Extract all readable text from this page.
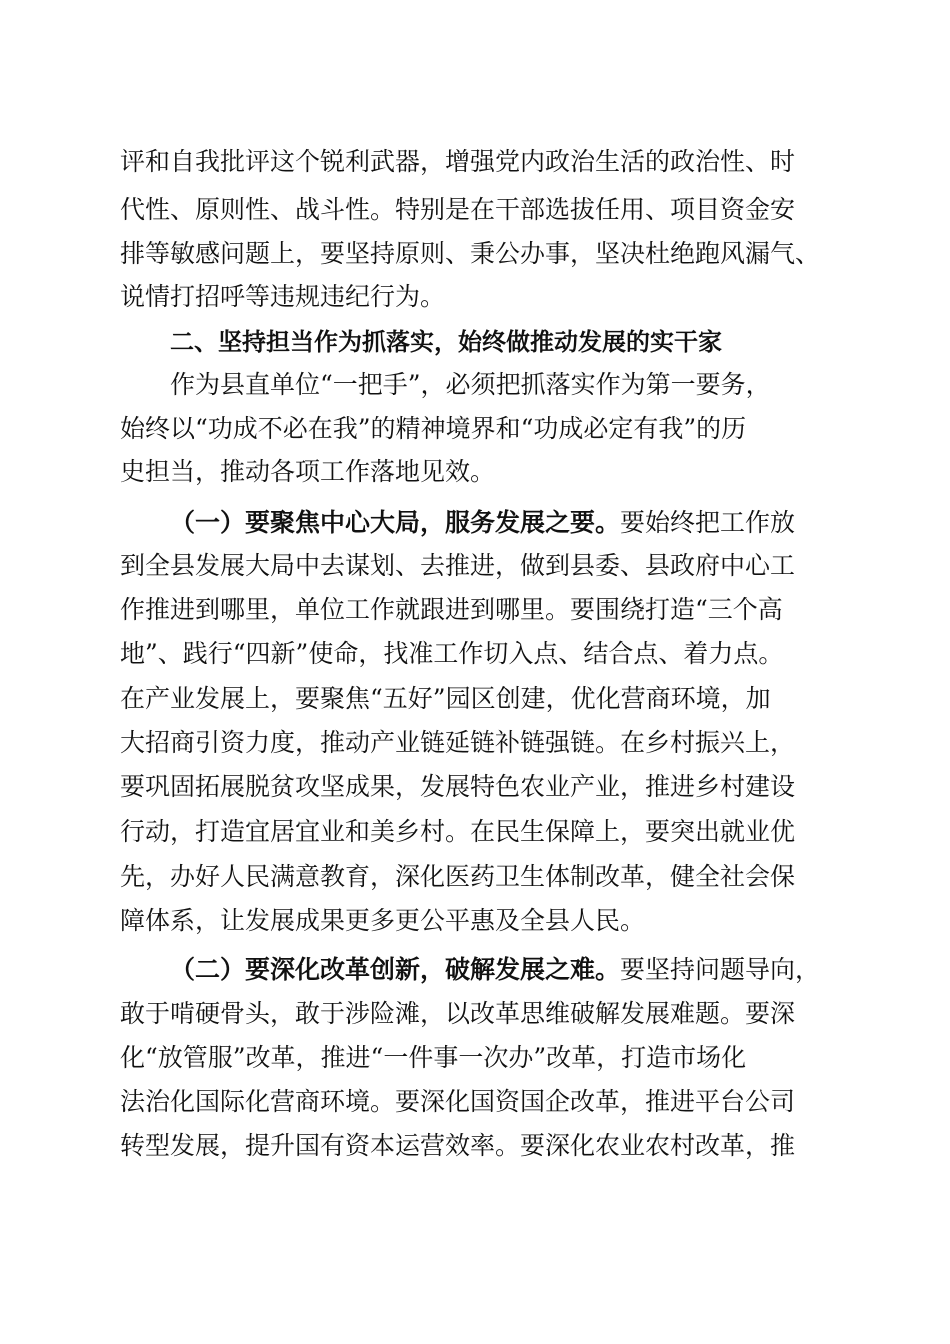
评和自我批评这个锐利武器，增强党内政治生活的政治性、时
代性、原则性、战斗性。特别是在干部选拔任用、项目资金安
排等敏感问题上，要坚持原则、秉公办事，坚决杜绝跑风漏气、
说情打招呼等违规违纪行为。
二、坚持担当作为抓落实，始终做推动发展的实干家
作为县直单位“一把手”，必须把抓落实作为第一要务，
始终以“功成不必在我”的精神境界和“功成必定有我”的历
史担当，推动各项工作落地见效。
（一）要聚焦中心大局，服务发展之要。要始终把工作放
到全县发展大局中去谋划、去推进，做到县委、县政府中心工
作推进到哪里，单位工作就跟进到哪里。要围绕打造“三个高
地”、践行“四新”使命，找准工作切入点、结合点、着力点。
在产业发展上，要聚焦“五好”园区创建，优化营商环境，加
大招商引资力度，推动产业链延链补链强链。在乡村振兴上，
要巩固拓展脱贫攻坚成果，发展特色农业产业，推进乡村建设
行动，打造宜居宜业和美乡村。在民生保障上，要突出就业优
先，办好人民满意教育，深化医药卫生体制改革，健全社会保
障体系，让发展成果更多更公平惠及全县人民。
（二）要深化改革创新，破解发展之难。要坚持问题导向，
敢于啃硬骨头，敢于涉险滩，以改革思维破解发展难题。要深
化“放管服”改革，推进“一件事一次办”改革，打造市场化
法治化国际化营商环境。要深化国资国企改革，推进平台公司
转型发展，提升国有资本运营效率。要深化农业农村改革，推
